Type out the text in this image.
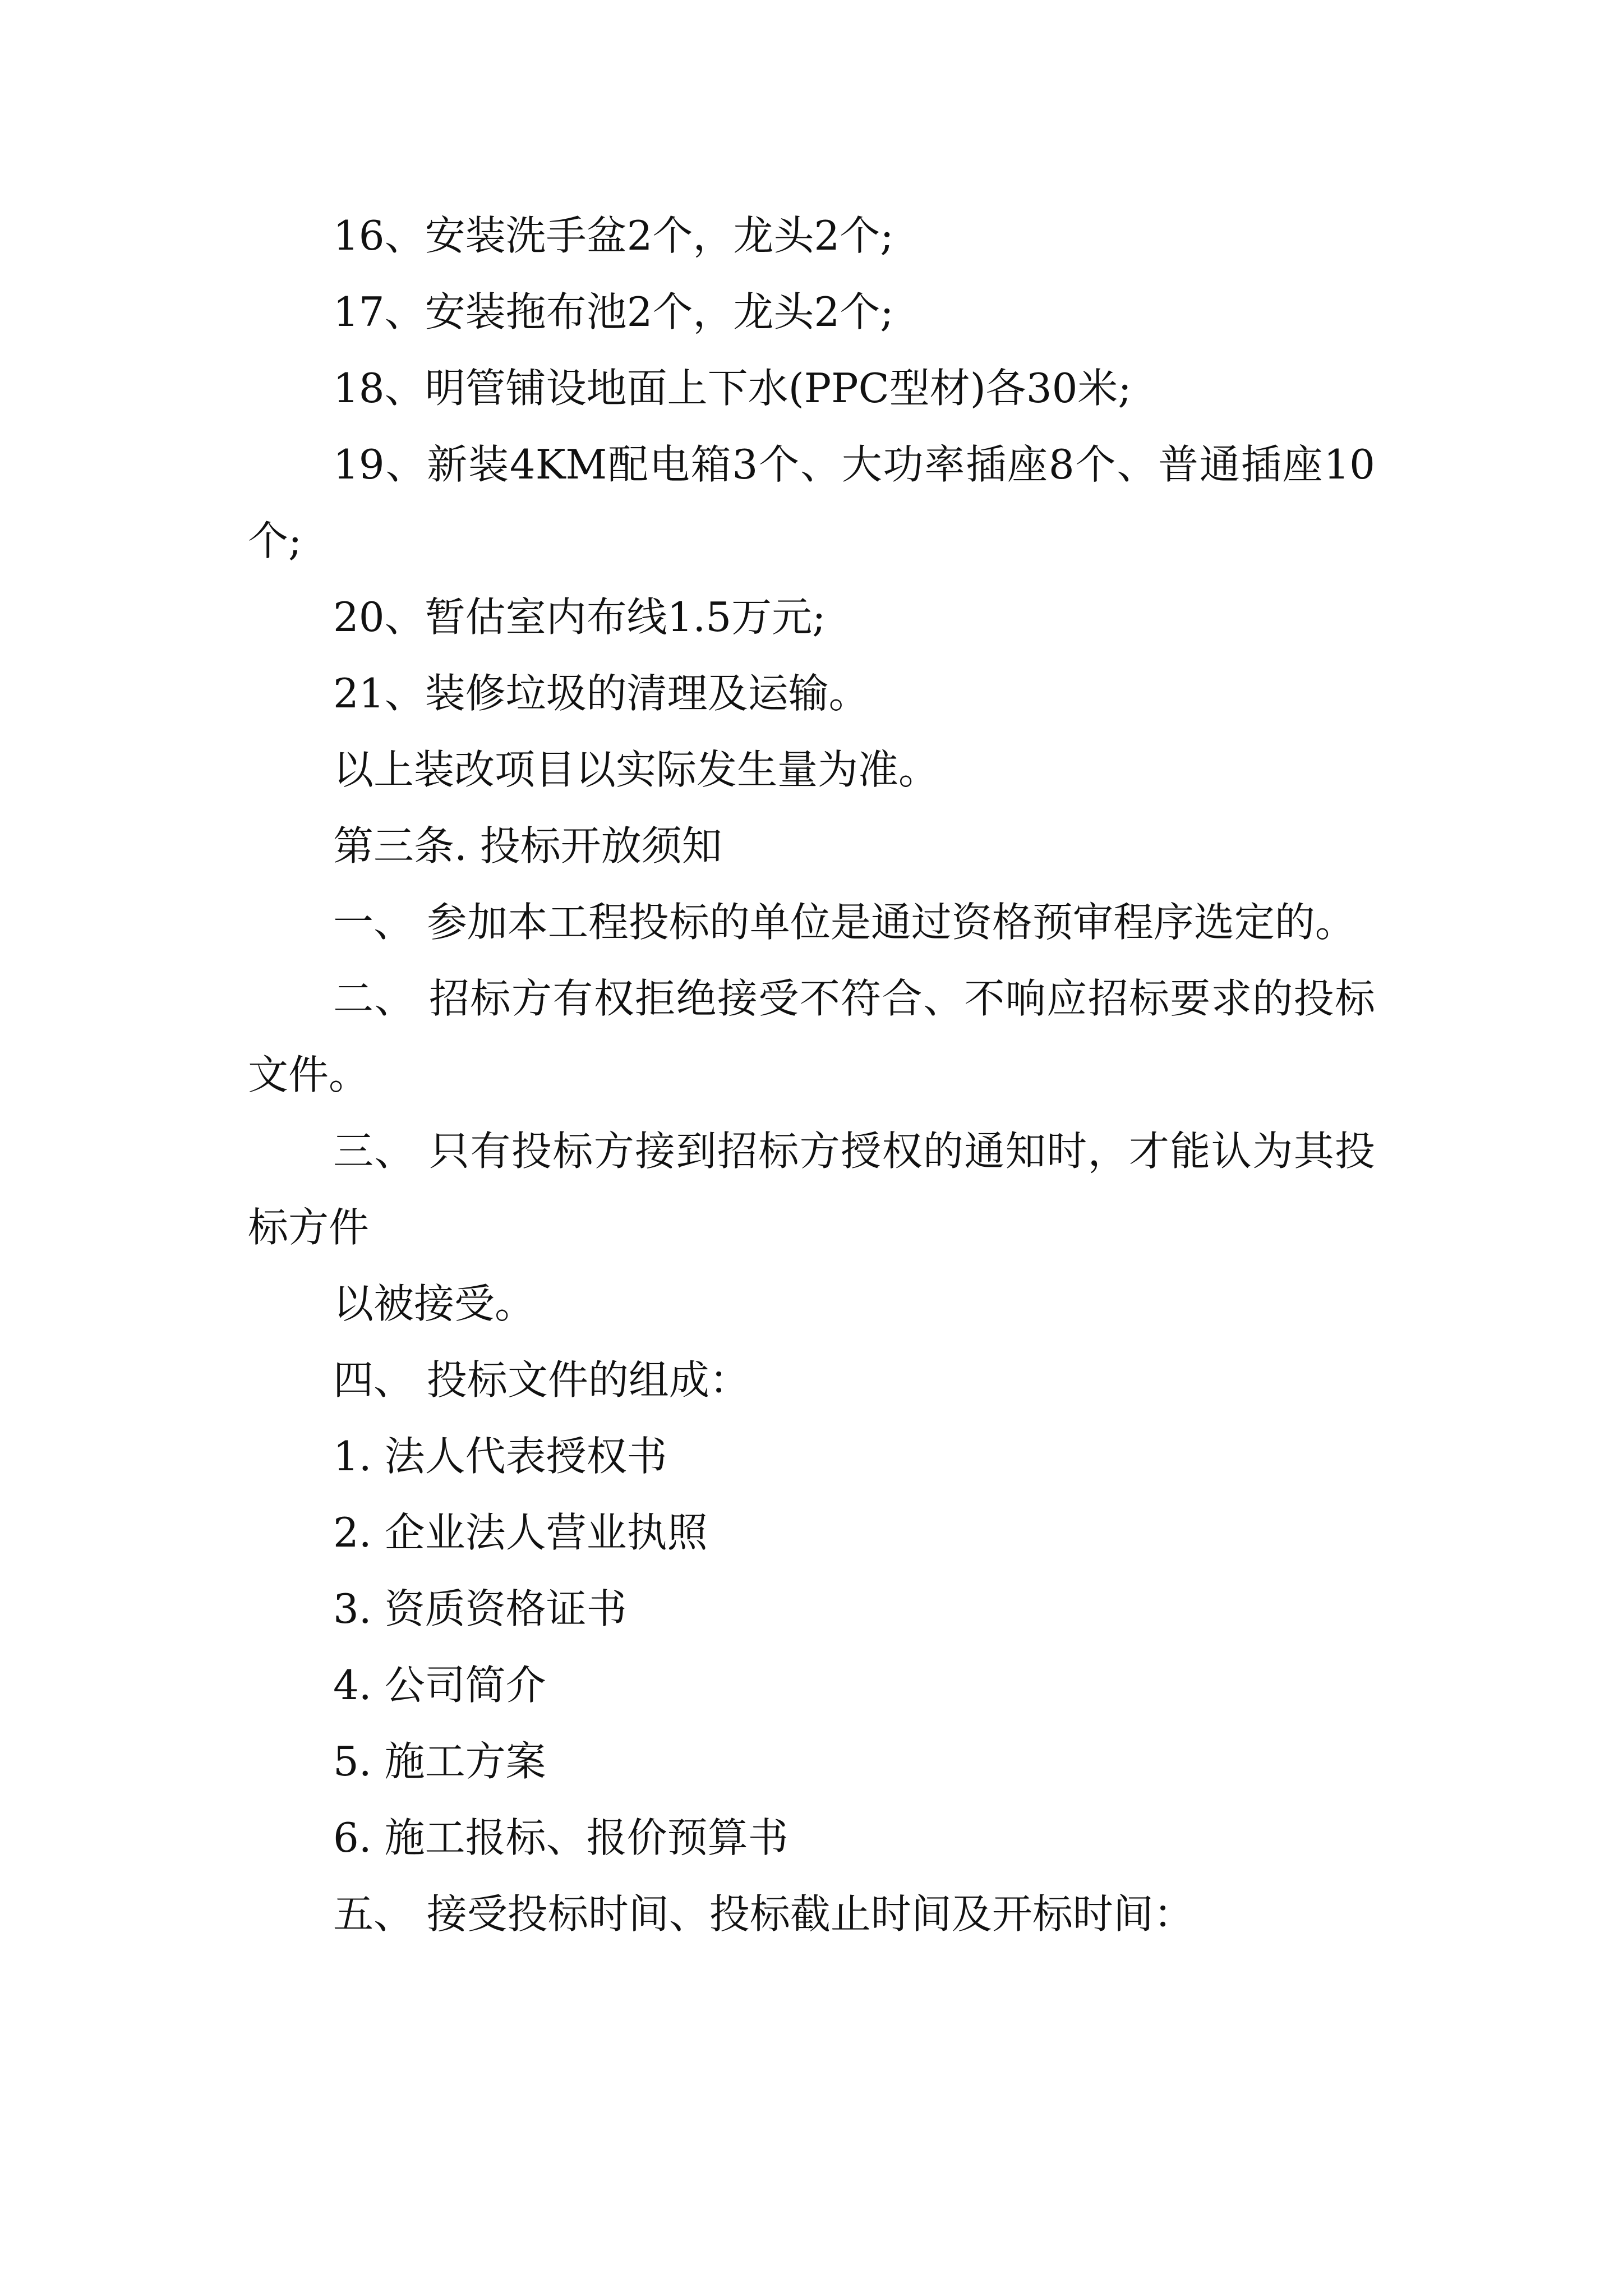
16、安装洗手盆2个，龙头2个;

17、安装拖布池2个，龙头2个;

18、明管铺设地面上下水(PPC型材)各30米;

19、新装4KM配电箱3个、大功率插座8个、普通插座10个;

20、暂估室内布线1.5万元;

21、装修垃圾的清理及运输。

以上装改项目以实际发生量为准。

第三条. 投标开放须知

一、 参加本工程投标的单位是通过资格预审程序选定的。

二、 招标方有权拒绝接受不符合、不响应招标要求的投标文件。

三、 只有投标方接到招标方授权的通知时，才能认为其投标方件

以被接受。

四、 投标文件的组成：

1. 法人代表授权书

2. 企业法人营业执照

3. 资质资格证书

4. 公司简介

5. 施工方案

6. 施工报标、报价预算书

五、 接受投标时间、投标截止时间及开标时间：
